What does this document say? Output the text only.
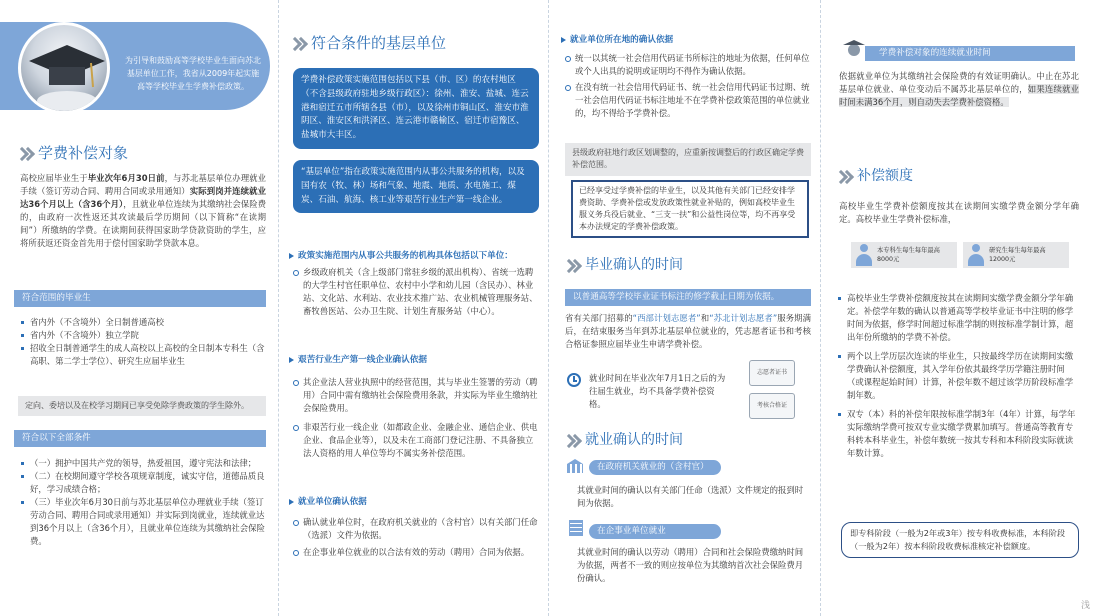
为引导和鼓励高等学校毕业生面向苏北基层单位工作，我省从2009年起实施高等学校毕业生学费补偿政策。
学费补偿对象
高校应届毕业生于毕业次年6月30日前，与苏北基层单位办理就业手续（签订劳动合同、聘用合同或录用通知）实际到岗并连续就业达36个月以上（含36个月），且就业单位连续为其缴纳社会保险费的，由政府一次性返还其攻读最后学历期间（以下简称“在读期间”）所缴纳的学费。在读期间获得国家助学贷款资助的学生，应将所获返还资金首先用于偿付国家助学贷款本息。
符合范围的毕业生
省内外（不含境外）全日制普通高校
省内外（不含境外）独立学院
招收全日制普通学生的成人高校以上高校的全日制本专科生（含高职、第二学士学位）、研究生应届毕业生
定向、委培以及在校学习期间已享受免除学费政策的学生除外。
符合以下全部条件
（一）拥护中国共产党的领导，热爱祖国，遵守宪法和法律；
（二）在校期间遵守学校各项规章制度，诚实守信，道德品质良好，学习成绩合格；
（三）毕业次年6月30日前与苏北基层单位办理就业手续（签订劳动合同、聘用合同或录用通知）并实际到岗就业，连续就业达到36个月以上（含36个月），且就业单位连续为其缴纳社会保险费。
符合条件的基层单位
学费补偿政策实施范围包括以下县（市、区）的农村地区（不含县级政府驻地乡级行政区）：徐州、淮安、盐城、连云港和宿迁五市所辖各县（市），以及徐州市铜山区、淮安市淮阴区、淮安区和洪泽区、连云港市赣榆区、宿迁市宿豫区、盐城市大丰区。
“基层单位”指在政策实施范围内从事公共服务的机构，以及国有农（牧、林）场和气象、地震、地质、水电施工、煤炭、石油、航海、核工业等艰苦行业生产第一线企业。
政策实施范围内从事公共服务的机构具体包括以下单位：
乡级政府机关（含上级部门常驻乡级的派出机构）、省统一选聘的大学生村官任职单位、农村中小学和幼儿园（含民办）、林业站、文化站、水利站、农业技术推广站、农业机械管理服务站、畜牧兽医站、公办卫生院、计划生育服务站（中心）。
艰苦行业生产第一线企业确认依据
其企业法人营业执照中的经营范围，其与毕业生签署的劳动（聘用）合同中需有缴纳社会保险费用条款，并实际为毕业生缴纳社会保险费用。
非艰苦行业一线企业（如都政企业、金融企业、通信企业、供电企业、食品企业等），以及未在工商部门登记注册、不具备独立法人资格的用人单位等均不属实务补偿范围。
就业单位确认依据
确认就业单位时，在政府机关就业的（含村官）以有关部门任命（选派）文件为依据。
在企事业单位就业的以合法有效的劳动（聘用）合同为依据。
就业单位所在地的确认依据
统一以其统一社会信用代码证书所标注的地址为依据，任何单位或个人出具的说明或证明均不得作为确认依据。
在没有统一社会信用代码证书、统一社会信用代码证书过期、统一社会信用代码证书标注地址不在学费补偿政策范围的单位就业的，均不得给予学费补偿。
县级政府驻地行政区划调整的，应重新按调整后的行政区确定学费补偿范围。
已经享受过学费补偿的毕业生，以及其他有关部门已经安排学费资助、学费补偿或发放政策性就业补贴的，例如高校毕业生服义务兵役后就业、“三支一扶”和公益性岗位等，均不再享受本办法规定的学费补偿政策。
毕业确认的时间
以普通高等学校毕业证书标注的修学截止日期为依据。
省有关部门招募的“西部计划志愿者”和“苏北计划志愿者”服务期满后，在结束服务当年到苏北基层单位就业的，凭志愿者证书和考核合格证参照应届毕业生申请学费补偿。
就业时间在毕业次年7月1日之后的为往届生就业，均不具备学费补偿资格。
志愿者证书
考核合格证
就业确认的时间
在政府机关就业的（含村官）
其就业时间的确认以有关部门任命（选派）文件规定的报到时间为依据。
在企事业单位就业
其就业时间的确认以劳动（聘用）合同和社会保险费缴纳时间为依据，两者不一致的则应按单位为其缴纳首次社会保险费月份确认。
学费补偿对象的连续就业时间
依据就业单位为其缴纳社会保险费的有效证明确认。中止在苏北基层单位就业、单位变动后不属苏北基层单位的，如果连续就业时间未满36个月，则自动失去学费补偿资格。
补偿额度
高校毕业生学费补偿额度按其在读期间实缴学费金额分学年确定。高校毕业生学费补偿标准，
本专科生每生每年最高8000元
研究生每生每年最高12000元
高校毕业生学费补偿额度按其在读期间实缴学费金额分学年确定。补偿学年数的确认以普通高等学校毕业证书中注明的修学时间为依据，修学时间超过标准学制的则按标准学制计算，超出年份所缴纳的学费不补偿。
两个以上学历层次连读的毕业生，只按最终学历在读期间实缴学费确认补偿额度，其入学年份依其最终学历学籍注册时间（或课程起始时间）计算，补偿年数不超过该学历阶段标准学制年数。
双专（本）科的补偿年限按标准学制3年（4年）计算，每学年实际缴纳学费可按双专业实缴学费累加填写。普通高等教育专科转本科毕业生，补偿年数统一按其专科和本科阶段实际就读年数计算。
即专科阶段（一般为2年或3年）按专科收费标准，本科阶段（一般为2年）按本科阶段收费标准核定补偿额度。
浅
